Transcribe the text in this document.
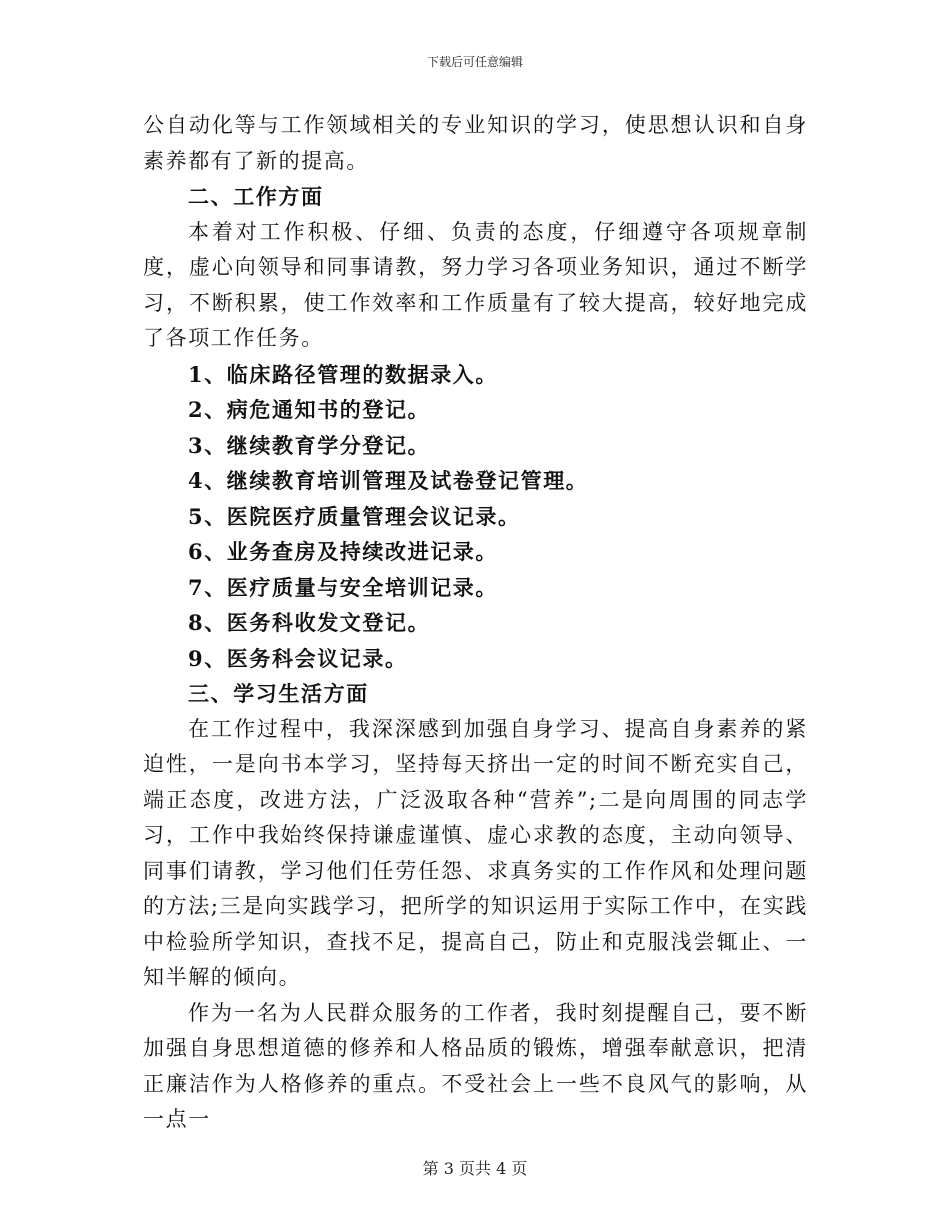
下载后可任意编辑

公自动化等与工作领域相关的专业知识的学习，使思想认识和自身素养都有了新的提高。

二、工作方面

本着对工作积极、仔细、负责的态度，仔细遵守各项规章制度，虚心向领导和同事请教，努力学习各项业务知识，通过不断学习，不断积累，使工作效率和工作质量有了较大提高，较好地完成了各项工作任务。

1、临床路径管理的数据录入。

2、病危通知书的登记。

3、继续教育学分登记。

4、继续教育培训管理及试卷登记管理。

5、医院医疗质量管理会议记录。

6、业务查房及持续改进记录。

7、医疗质量与安全培训记录。

8、医务科收发文登记。

9、医务科会议记录。

三、学习生活方面

在工作过程中，我深深感到加强自身学习、提高自身素养的紧迫性，一是向书本学习，坚持每天挤出一定的时间不断充实自己，端正态度，改进方法，广泛汲取各种“营养”;二是向周围的同志学习，工作中我始终保持谦虚谨慎、虚心求教的态度，主动向领导、同事们请教，学习他们任劳任怨、求真务实的工作作风和处理问题的方法;三是向实践学习，把所学的知识运用于实际工作中，在实践中检验所学知识，查找不足，提高自己，防止和克服浅尝辄止、一知半解的倾向。

作为一名为人民群众服务的工作者，我时刻提醒自己，要不断加强自身思想道德的修养和人格品质的锻炼，增强奉献意识，把清正廉洁作为人格修养的重点。不受社会上一些不良风气的影响，从一点一

第 3 页共 4 页
